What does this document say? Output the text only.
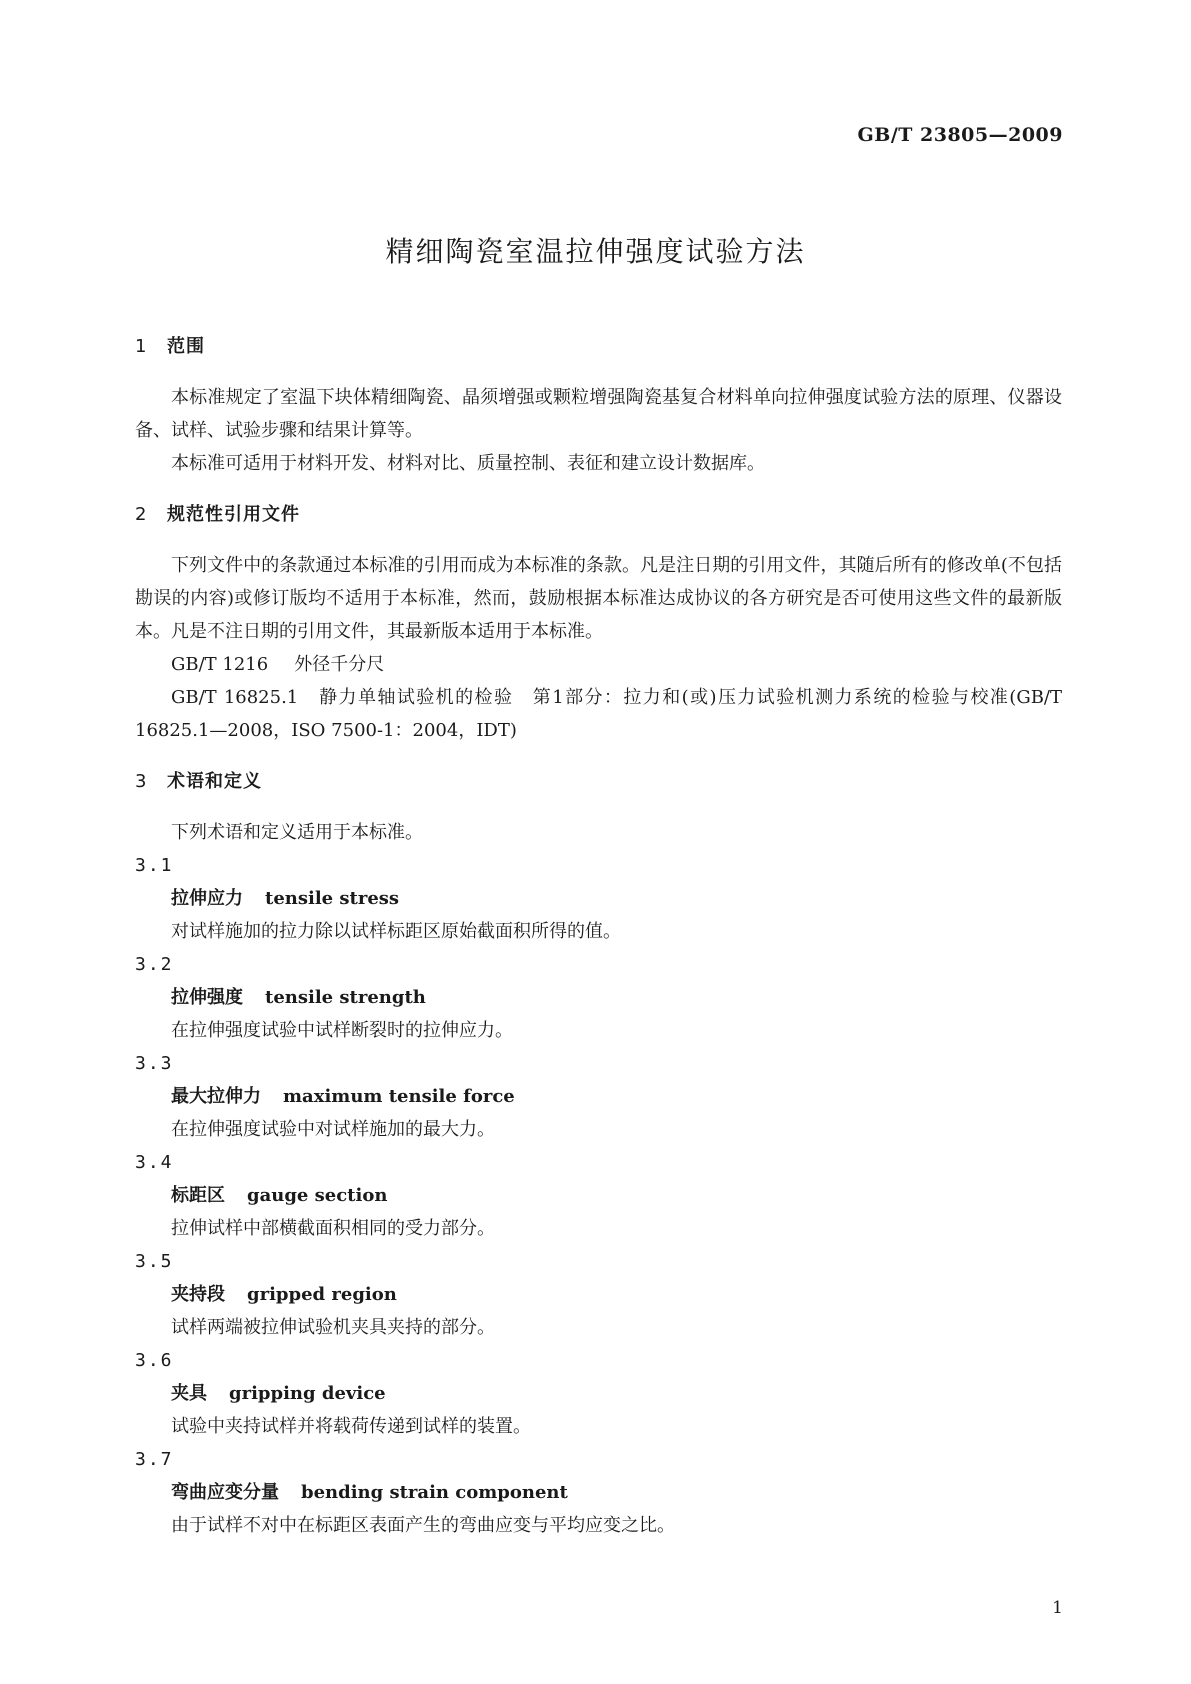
GB/T 23805—2009
精细陶瓷室温拉伸强度试验方法
1 范围

本标准规定了室温下块体精细陶瓷、晶须增强或颗粒增强陶瓷基复合材料单向拉伸强度试验方法的原理、仪器设备、试样、试验步骤和结果计算等。

本标准可适用于材料开发、材料对比、质量控制、表征和建立设计数据库。

2 规范性引用文件

下列文件中的条款通过本标准的引用而成为本标准的条款。凡是注日期的引用文件，其随后所有的修改单(不包括勘误的内容)或修订版均不适用于本标准，然而，鼓励根据本标准达成协议的各方研究是否可使用这些文件的最新版本。凡是不注日期的引用文件，其最新版本适用于本标准。

GB/T 1216 外径千分尺

GB/T 16825.1　 静力单轴试验机的检验　第1部分：拉力和(或)压力试验机测力系统的检验与校准(GB/T 16825.1—2008，ISO 7500-1：2004，IDT)

3 术语和定义

下列术语和定义适用于本标准。

3.1
拉伸应力 tensile stress
对试样施加的拉力除以试样标距区原始截面积所得的值。
3.2
拉伸强度 tensile strength
在拉伸强度试验中试样断裂时的拉伸应力。
3.3
最大拉伸力 maximum tensile force
在拉伸强度试验中对试样施加的最大力。
3.4
标距区 gauge section
拉伸试样中部横截面积相同的受力部分。
3.5
夹持段 gripped region
试样两端被拉伸试验机夹具夹持的部分。
3.6
夹具 gripping device
试验中夹持试样并将载荷传递到试样的装置。
3.7
弯曲应变分量 bending strain component
由于试样不对中在标距区表面产生的弯曲应变与平均应变之比。
1
